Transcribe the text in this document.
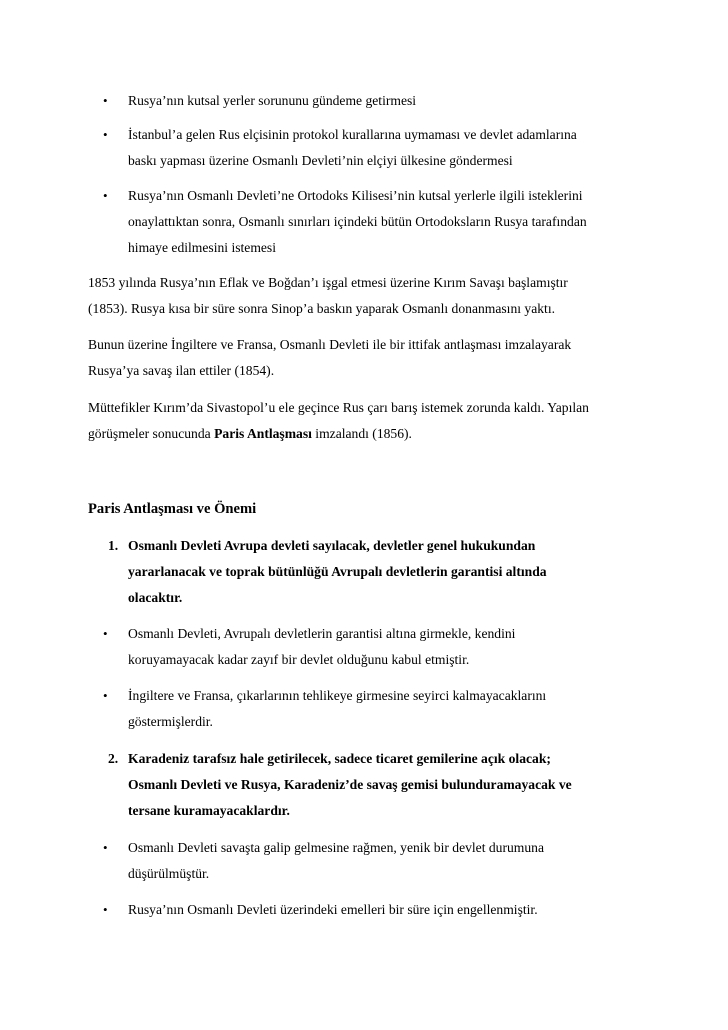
• Rusya’nın kutsal yerler sorununu gündeme getirmesi
• İstanbul’a gelen Rus elçisinin protokol kurallarına uymaması ve devlet adamlarına
baskı yapması üzerine Osmanlı Devleti’nin elçiyi ülkesine göndermesi
• Rusya’nın Osmanlı Devleti’ne Ortodoks Kilisesi’nin kutsal yerlerle ilgili isteklerini
onaylattıktan sonra, Osmanlı sınırları içindeki bütün Ortodoksların Rusya tarafından
himaye edilmesini istemesi
1853 yılında Rusya’nın Eflak ve Boğdan’ı işgal etmesi üzerine Kırım Savaşı başlamıştır
(1853). Rusya kısa bir süre sonra Sinop’a baskın yaparak Osmanlı donanmasını yaktı.
Bunun üzerine İngiltere ve Fransa, Osmanlı Devleti ile bir ittifak antlaşması imzalayarak
Rusya’ya savaş ilan ettiler (1854).
Müttefikler Kırım’da Sivastopol’u ele geçince Rus çarı barış istemek zorunda kaldı. Yapılan
görüşmeler sonucunda Paris Antlaşması imzalandı (1856).
Paris Antlaşması ve Önemi
1. Osmanlı Devleti Avrupa devleti sayılacak, devletler genel hukukundan
yararlanacak ve toprak bütünlüğü Avrupalı devletlerin garantisi altında
olacaktır.
• Osmanlı Devleti, Avrupalı devletlerin garantisi altına girmekle, kendini
koruyamayacak kadar zayıf bir devlet olduğunu kabul etmiştir.
• İngiltere ve Fransa, çıkarlarının tehlikeye girmesine seyirci kalmayacaklarını
göstermişlerdir.
2. Karadeniz tarafsız hale getirilecek, sadece ticaret gemilerine açık olacak;
Osmanlı Devleti ve Rusya, Karadeniz’de savaş gemisi bulunduramayacak ve
tersane kuramayacaklardır.
• Osmanlı Devleti savaşta galip gelmesine rağmen, yenik bir devlet durumuna
düşürülmüştür.
• Rusya’nın Osmanlı Devleti üzerindeki emelleri bir süre için engellenmiştir.
